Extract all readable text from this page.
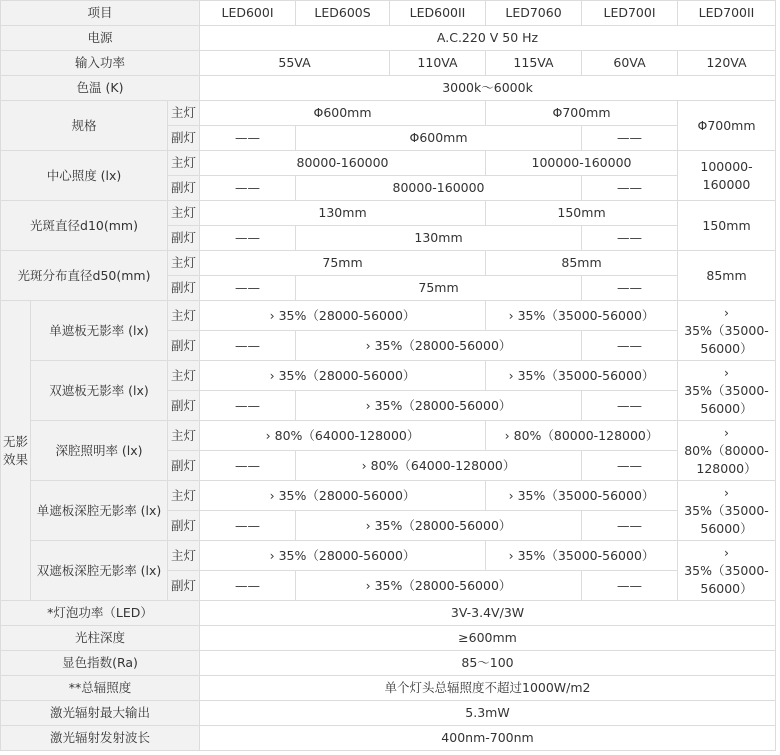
项目			LED600I	LED600S	LED600II	LED7060	LED700I	LED700II
电源			A.C.220 V 50 Hz					
输入功率			55VA		110VA	115VA	60VA	120VA
色温 (K)			3000k～6000k					
规格		主灯	Φ600mm			Φ700mm		Φ700mm
		副灯	——	Φ600mm			——	
中心照度 (lx)		主灯	80000-160000			100000-160000		100000-160000
		副灯	——	80000-160000			——	
光斑直径d10(mm)		主灯	130mm			150mm		150mm
		副灯	——	130mm			——	
光斑分布直径d50(mm)		主灯	75mm			85mm		85mm
		副灯	——	75mm			——	
无影效果	单遮板无影率 (lx)	主灯	› 35%（28000-56000）			› 35%（35000-56000）		› 35%（35000-56000）
		副灯	——	› 35%（28000-56000）			——	
	双遮板无影率 (lx)	主灯	› 35%（28000-56000）			› 35%（35000-56000）		› 35%（35000-56000）
		副灯	——	› 35%（28000-56000）			——	
	深腔照明率 (lx)	主灯	› 80%（64000-128000）			› 80%（80000-128000）		› 80%（80000-128000）
		副灯	——	› 80%（64000-128000）			——	
	单遮板深腔无影率 (lx)	主灯	› 35%（28000-56000）			› 35%（35000-56000）		› 35%（35000-56000）
		副灯	——	› 35%（28000-56000）			——	
	双遮板深腔无影率 (lx)	主灯	› 35%（28000-56000）			› 35%（35000-56000）		› 35%（35000-56000）
		副灯	——	› 35%（28000-56000）			——	
*灯泡功率（LED）			3V-3.4V/3W					
光柱深度			≥600mm					
显色指数(Ra)			85～100					
**总辐照度			单个灯头总辐照度不超过1000W/m2					
激光辐射最大输出			5.3mW					
激光辐射发射波长			400nm-700nm					
